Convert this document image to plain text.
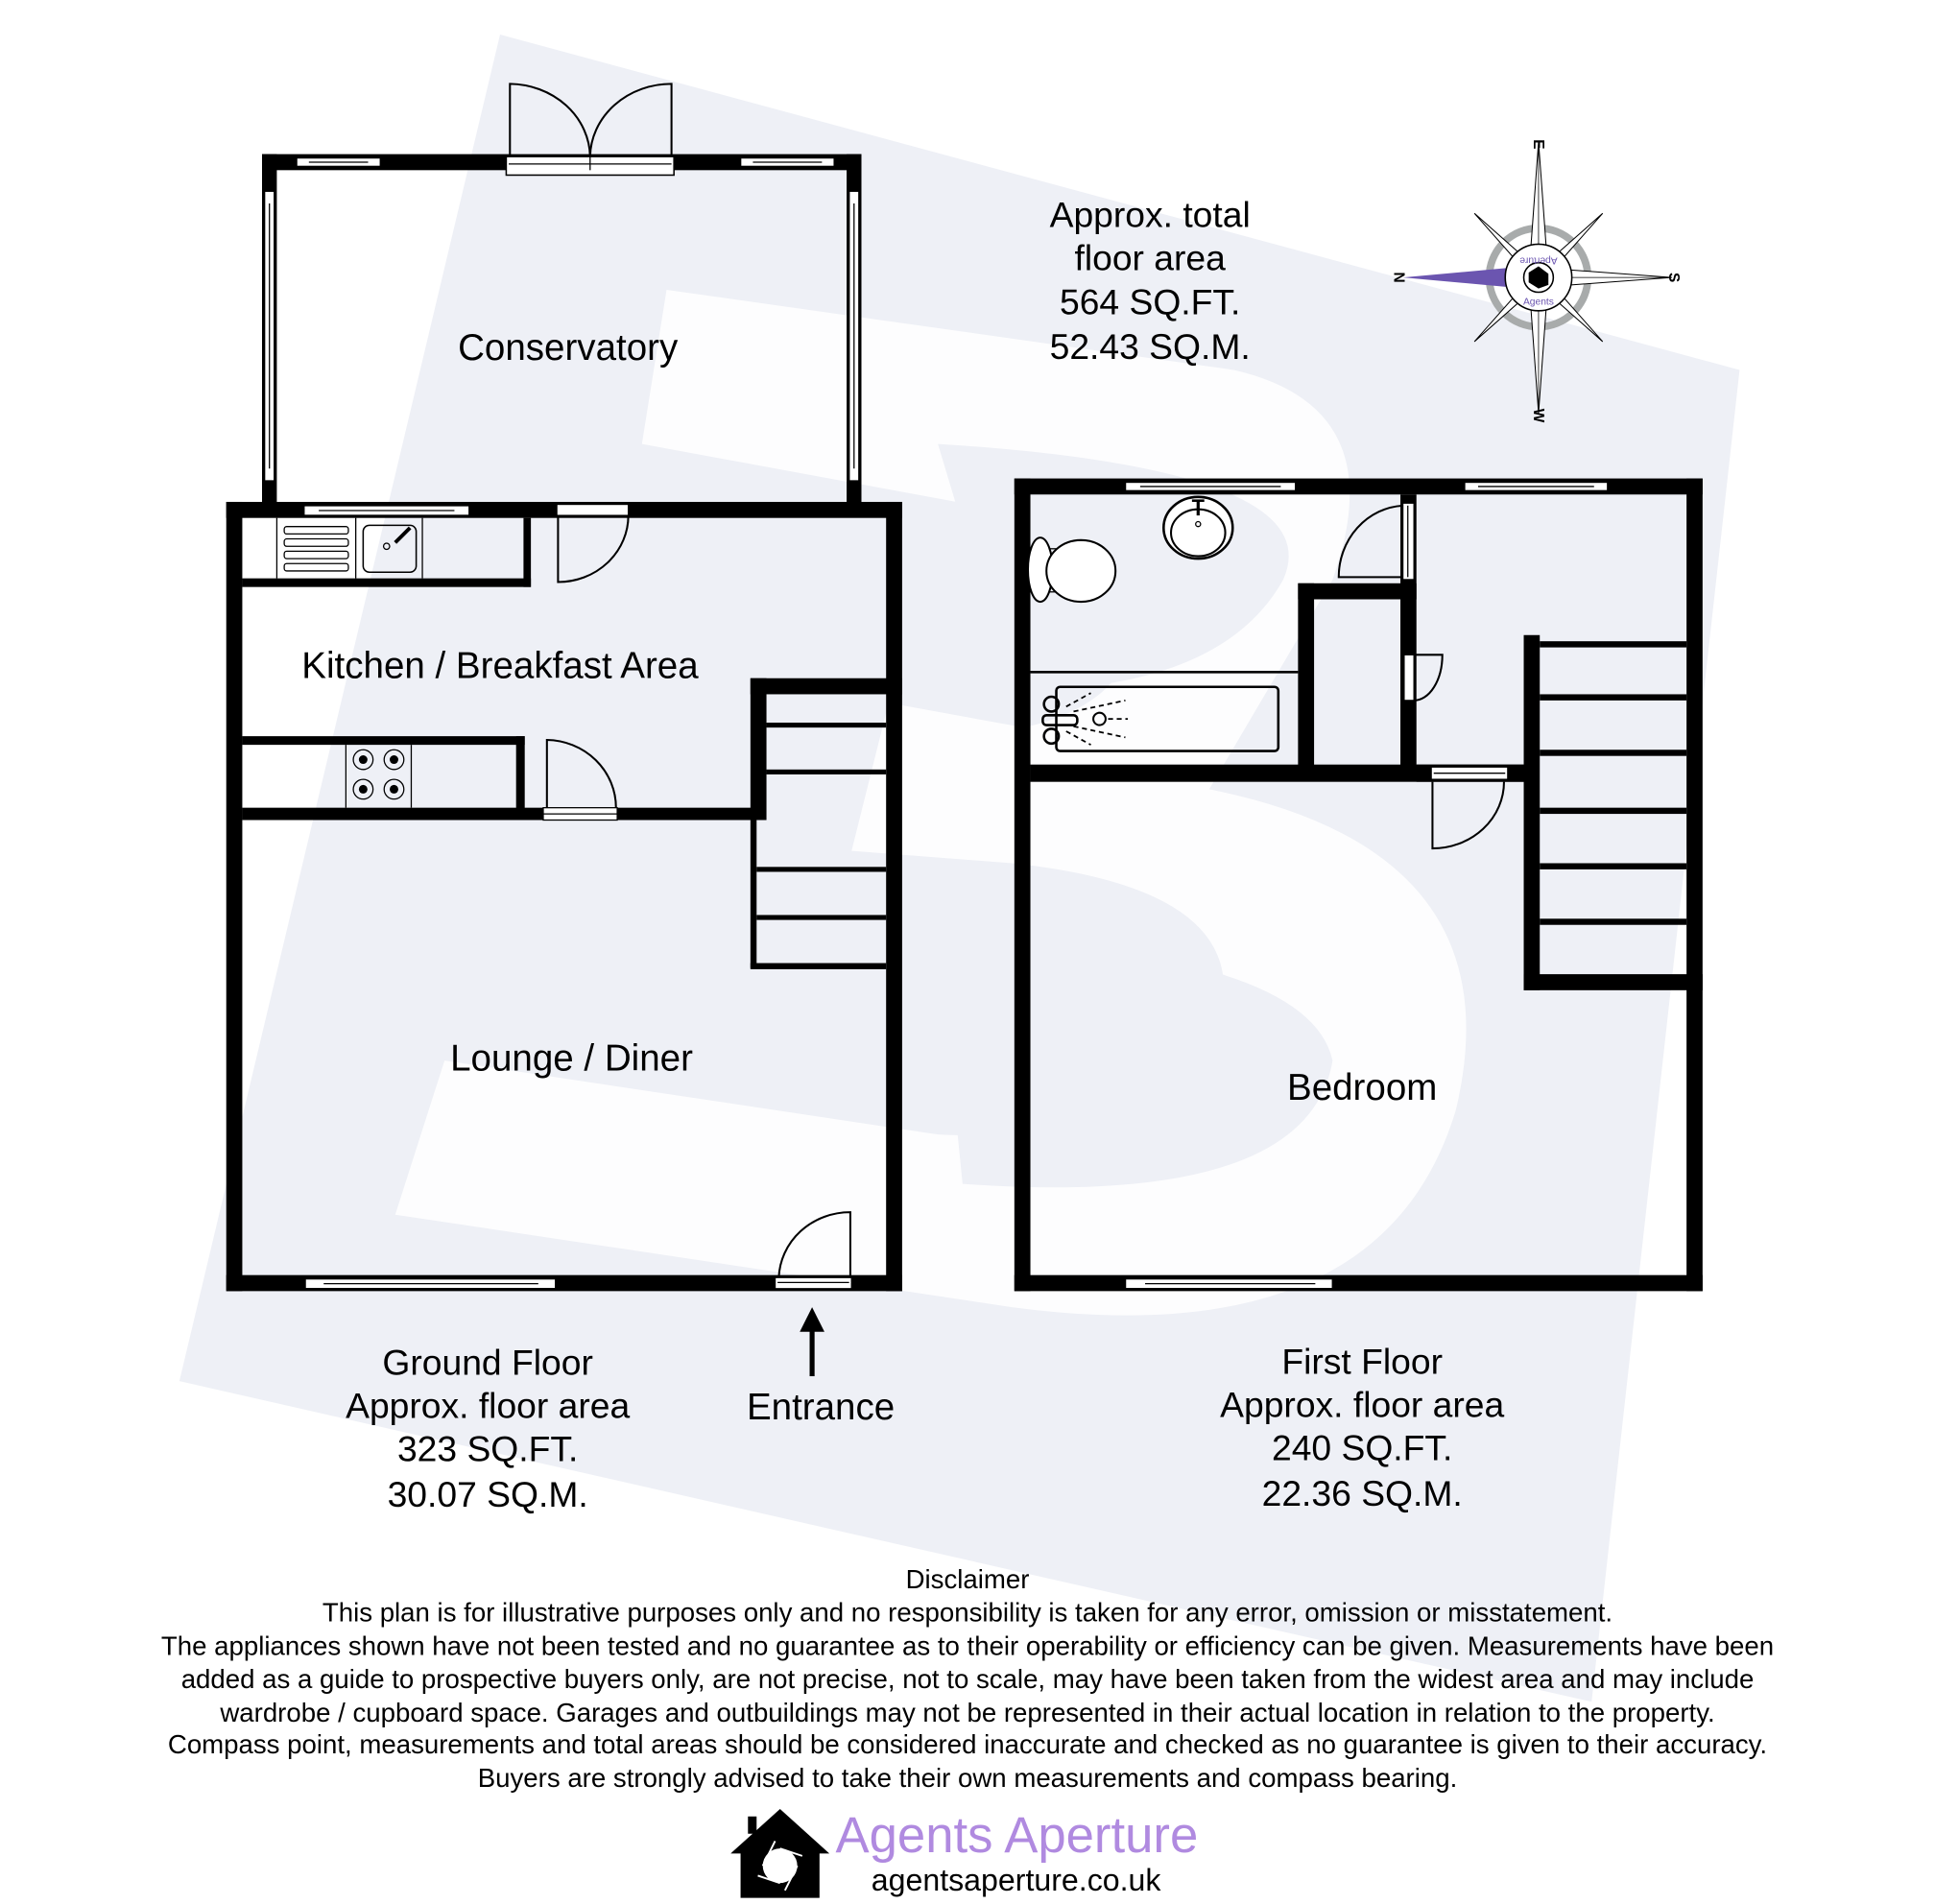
Conservatory
Kitchen / Breakfast Area
Lounge / Diner
Entrance
Ground Floor
Approx. floor area
323 SQ.FT.
30.07 SQ.M.
Bedroom
First Floor
Approx. floor area
240 SQ.FT.
22.36 SQ.M.
Approx. total
floor area
564 SQ.FT.
52.43 SQ.M.
Aperture
Agents
N	S
E
W
Disclaimer
This plan is for illustrative purposes only and no responsibility is taken for any error, omission or misstatement.
The appliances shown have not been tested and no guarantee as to their operability or efficiency can be given. Measurements have been
added as a guide to prospective buyers only, are not precise, not to scale, may have been taken from the widest area and may include
wardrobe / cupboard space. Garages and outbuildings may not be represented in their actual location in relation to the property.
Compass point, measurements and total areas should be considered inaccurate and checked as no guarantee is given to their accuracy.
Buyers are strongly advised to take their own measurements and compass bearing.
Agents Aperture
agentsaperture.co.uk
